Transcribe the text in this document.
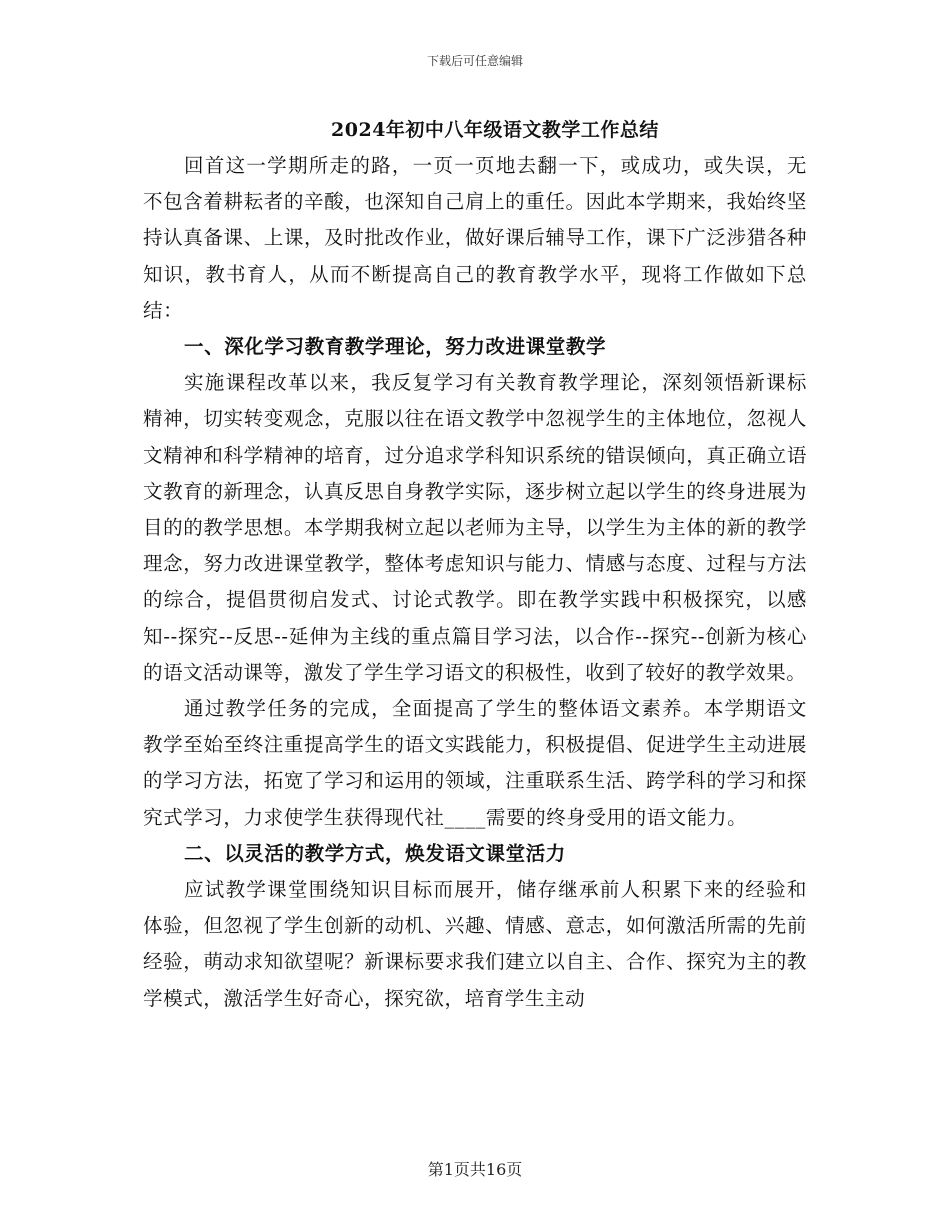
下载后可任意编辑
2024年初中八年级语文教学工作总结

回首这一学期所走的路，一页一页地去翻一下，或成功，或失误，无不包含着耕耘者的辛酸，也深知自己肩上的重任。因此本学期来，我始终坚持认真备课、上课，及时批改作业，做好课后辅导工作，课下广泛涉猎各种知识，教书育人，从而不断提高自己的教育教学水平，现将工作做如下总结：

一、深化学习教育教学理论，努力改进课堂教学

实施课程改革以来，我反复学习有关教育教学理论，深刻领悟新课标精神，切实转变观念，克服以往在语文教学中忽视学生的主体地位，忽视人文精神和科学精神的培育，过分追求学科知识系统的错误倾向，真正确立语文教育的新理念，认真反思自身教学实际，逐步树立起以学生的终身进展为目的的教学思想。本学期我树立起以老师为主导，以学生为主体的新的教学理念，努力改进课堂教学，整体考虑知识与能力、情感与态度、过程与方法的综合，提倡贯彻启发式、讨论式教学。即在教学实践中积极探究，以感知--探究--反思--延伸为主线的重点篇目学习法，以合作--探究--创新为核心的语文活动课等，激发了学生学习语文的积极性，收到了较好的教学效果。

通过教学任务的完成，全面提高了学生的整体语文素养。本学期语文教学至始至终注重提高学生的语文实践能力，积极提倡、促进学生主动进展的学习方法，拓宽了学习和运用的领域，注重联系生活、跨学科的学习和探究式学习，力求使学生获得现代社____需要的终身受用的语文能力。

二、以灵活的教学方式，焕发语文课堂活力

应试教学课堂围绕知识目标而展开，储存继承前人积累下来的经验和体验，但忽视了学生创新的动机、兴趣、情感、意志，如何激活所需的先前经验，萌动求知欲望呢？新课标要求我们建立以自主、合作、探究为主的教学模式，激活学生好奇心，探究欲，培育学生主动

第1页共16页
